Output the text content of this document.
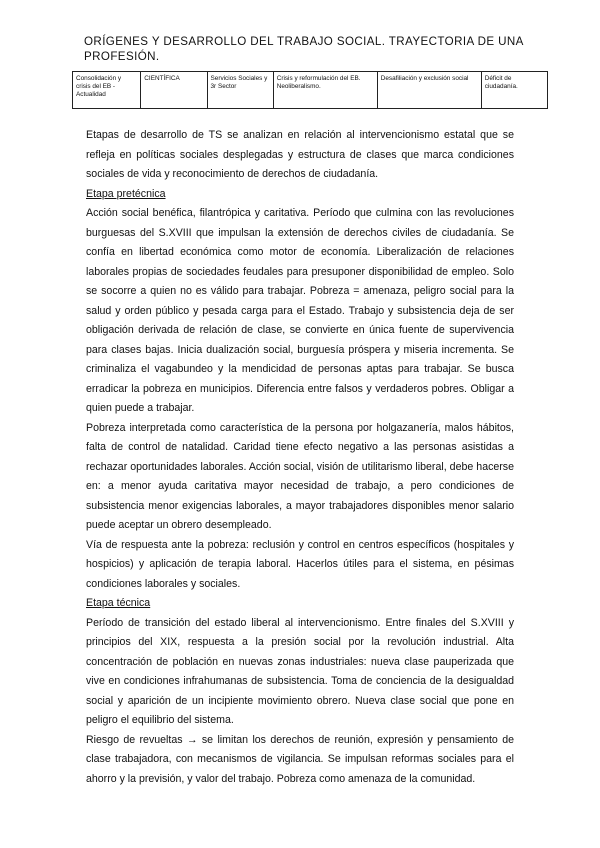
ORÍGENES Y DESARROLLO DEL TRABAJO SOCIAL. TRAYECTORIA DE UNA PROFESIÓN.
Consolidación y crisis del EB - Actualidad	CIENTÍFICA	Servicios Sociales y 3r Sector	Crisis y reformulación del EB. Neoliberalismo.	Desafiliación y exclusión social	Déficit de ciudadanía.

Etapas de desarrollo de TS se analizan en relación al intervencionismo estatal que se refleja en políticas sociales desplegadas y estructura de clases que marca condiciones sociales de vida y reconocimiento de derechos de ciudadanía.

Etapa pretécnica

Acción social benéfica, filantrópica y caritativa. Período que culmina con las revoluciones burguesas del S.XVIII que impulsan la extensión de derechos civiles de ciudadanía. Se confía en libertad económica como motor de economía. Liberalización de relaciones laborales propias de sociedades feudales para presuponer disponibilidad de empleo. Solo se socorre a quien no es válido para trabajar. Pobreza = amenaza, peligro social para la salud y orden público y pesada carga para el Estado. Trabajo y subsistencia deja de ser obligación derivada de relación de clase, se convierte en única fuente de supervivencia para clases bajas. Inicia dualización social, burguesía próspera y miseria incrementa. Se criminaliza el vagabundeo y la mendicidad de personas aptas para trabajar. Se busca erradicar la pobreza en municipios. Diferencia entre falsos y verdaderos pobres. Obligar a quien puede a trabajar.

Pobreza interpretada como característica de la persona por holgazanería, malos hábitos, falta de control de natalidad. Caridad tiene efecto negativo a las personas asistidas a rechazar oportunidades laborales. Acción social, visión de utilitarismo liberal, debe hacerse en: a menor ayuda caritativa mayor necesidad de trabajo, a pero condiciones de subsistencia menor exigencias laborales, a mayor trabajadores disponibles menor salario puede aceptar un obrero desempleado.

Vía de respuesta ante la pobreza: reclusión y control en centros específicos (hospitales y hospicios) y aplicación de terapia laboral. Hacerlos útiles para el sistema, en pésimas condiciones laborales y sociales.

Etapa técnica

Período de transición del estado liberal al intervencionismo. Entre finales del S.XVIII y principios del XIX, respuesta a la presión social por la revolución industrial. Alta concentración de población en nuevas zonas industriales: nueva clase pauperizada que vive en condiciones infrahumanas de subsistencia. Toma de conciencia de la desigualdad social y aparición de un incipiente movimiento obrero. Nueva clase social que pone en peligro el equilibrio del sistema.

Riesgo de revueltas → se limitan los derechos de reunión, expresión y pensamiento de clase trabajadora, con mecanismos de vigilancia. Se impulsan reformas sociales para el ahorro y la previsión, y valor del trabajo. Pobreza como amenaza de la comunidad.
